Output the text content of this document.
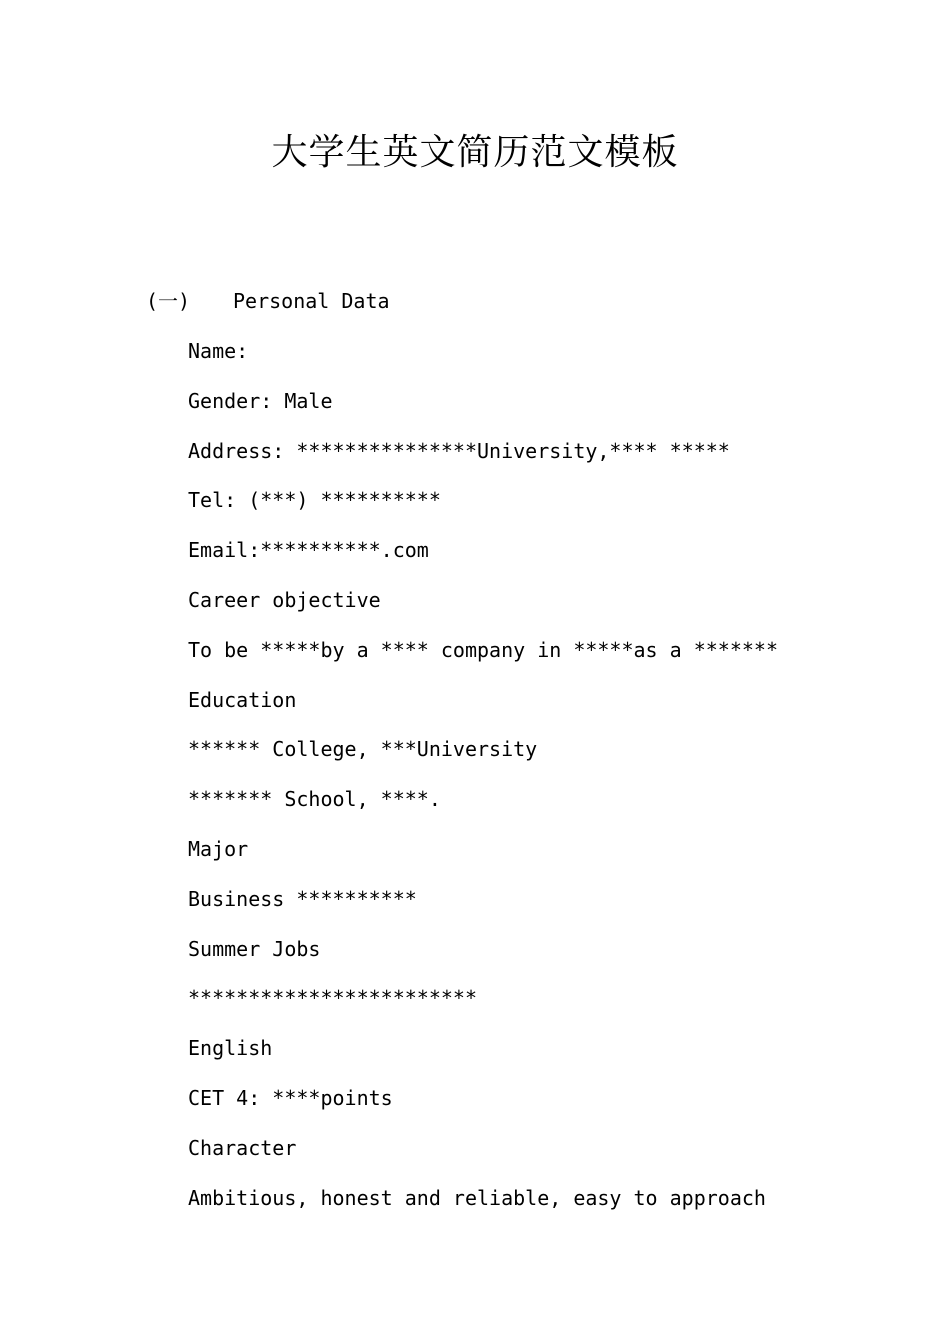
大学生英文简历范文模板
(一) Personal Data
Name:
Gender: Male
Address: ***************University,**** *****
Tel: (***) **********
Email:**********.com
Career objective
To be *****by a **** company in *****as a *******
Education
****** College, ***University
******* School, ****.
Major
Business **********
Summer Jobs
************************
English
CET 4: ****points
Character
Ambitious, honest and reliable, easy to approach
